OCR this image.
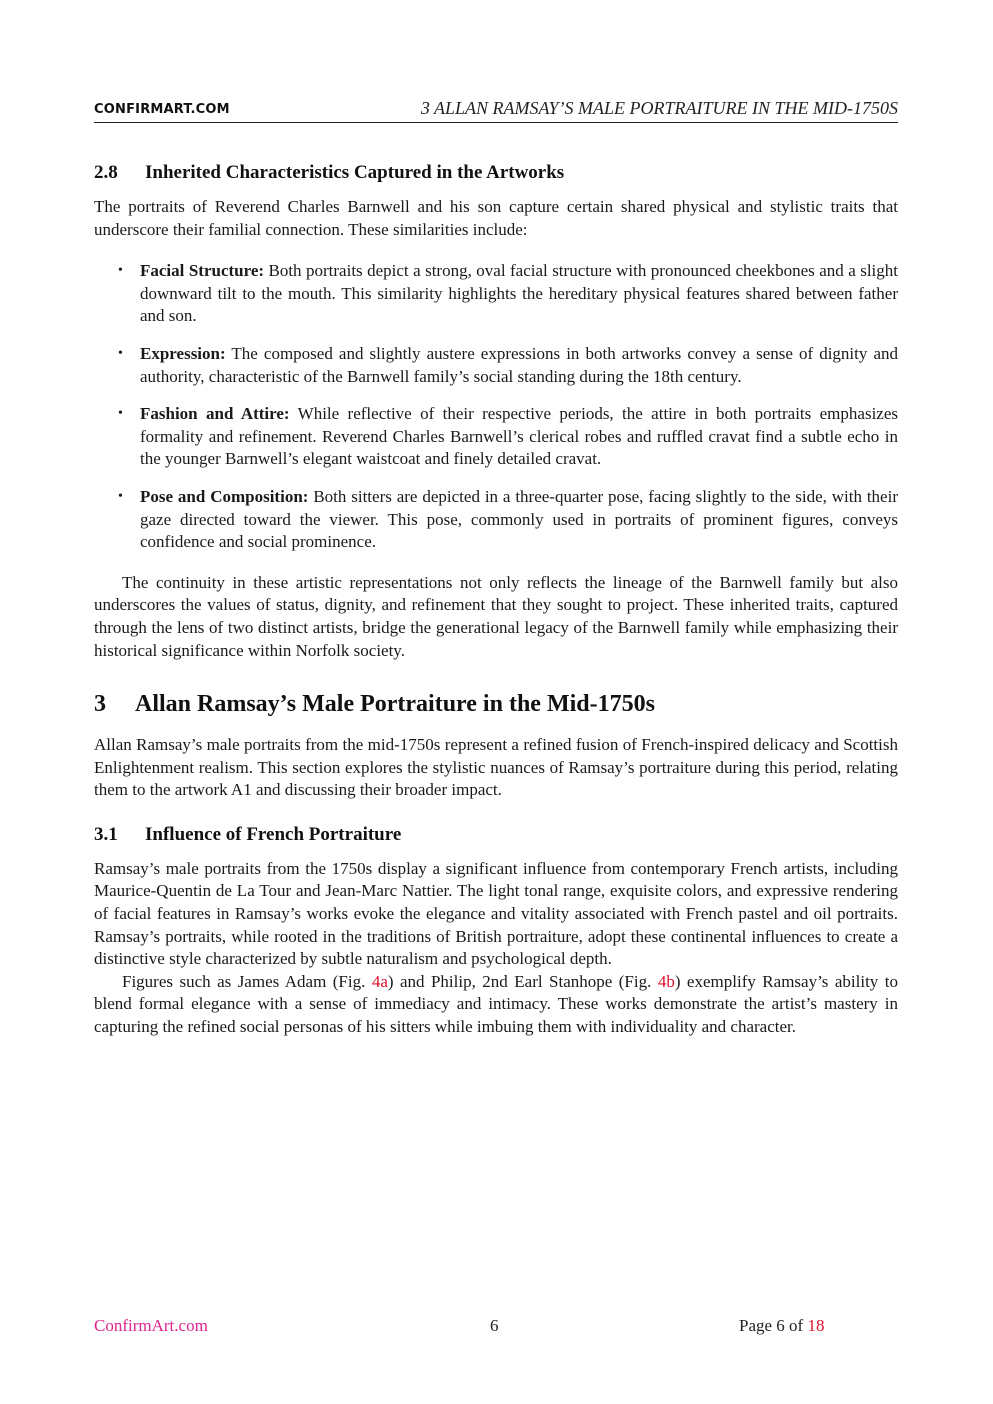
CONFIRMART.COM	3 ALLAN RAMSAY’S MALE PORTRAITURE IN THE MID-1750S
2.8 Inherited Characteristics Captured in the Artworks

The portraits of Reverend Charles Barnwell and his son capture certain shared physical and stylistic traits that underscore their familial connection. These similarities include:

• Facial Structure: Both portraits depict a strong, oval facial structure with pronounced cheekbones and a slight downward tilt to the mouth. This similarity highlights the hereditary physical features shared between father and son.
• Expression: The composed and slightly austere expressions in both artworks convey a sense of dignity and authority, characteristic of the Barnwell family’s social standing during the 18th century.
• Fashion and Attire: While reflective of their respective periods, the attire in both portraits emphasizes formality and refinement. Reverend Charles Barnwell’s clerical robes and ruffled cravat find a subtle echo in the younger Barnwell’s elegant waistcoat and finely detailed cravat.
• Pose and Composition: Both sitters are depicted in a three-quarter pose, facing slightly to the side, with their gaze directed toward the viewer. This pose, commonly used in portraits of prominent figures, conveys confidence and social prominence.

The continuity in these artistic representations not only reflects the lineage of the Barnwell family but also underscores the values of status, dignity, and refinement that they sought to project. These inherited traits, captured through the lens of two distinct artists, bridge the generational legacy of the Barnwell family while emphasizing their historical significance within Norfolk society.

3 Allan Ramsay’s Male Portraiture in the Mid-1750s

Allan Ramsay’s male portraits from the mid-1750s represent a refined fusion of French-inspired delicacy and Scottish Enlightenment realism. This section explores the stylistic nuances of Ramsay’s portraiture during this period, relating them to the artwork A1 and discussing their broader impact.

3.1 Influence of French Portraiture

Ramsay’s male portraits from the 1750s display a significant influence from contemporary French artists, including Maurice-Quentin de La Tour and Jean-Marc Nattier. The light tonal range, exquisite colors, and expressive rendering of facial features in Ramsay’s works evoke the elegance and vitality associated with French pastel and oil portraits. Ramsay’s portraits, while rooted in the traditions of British portraiture, adopt these continental influences to create a distinctive style characterized by subtle naturalism and psychological depth.

Figures such as James Adam (Fig. 4a) and Philip, 2nd Earl Stanhope (Fig. 4b) exemplify Ramsay’s ability to blend formal elegance with a sense of immediacy and intimacy. These works demonstrate the artist’s mastery in capturing the refined social personas of his sitters while imbuing them with individuality and character.

ConfirmArt.com	6	Page 6 of 18
